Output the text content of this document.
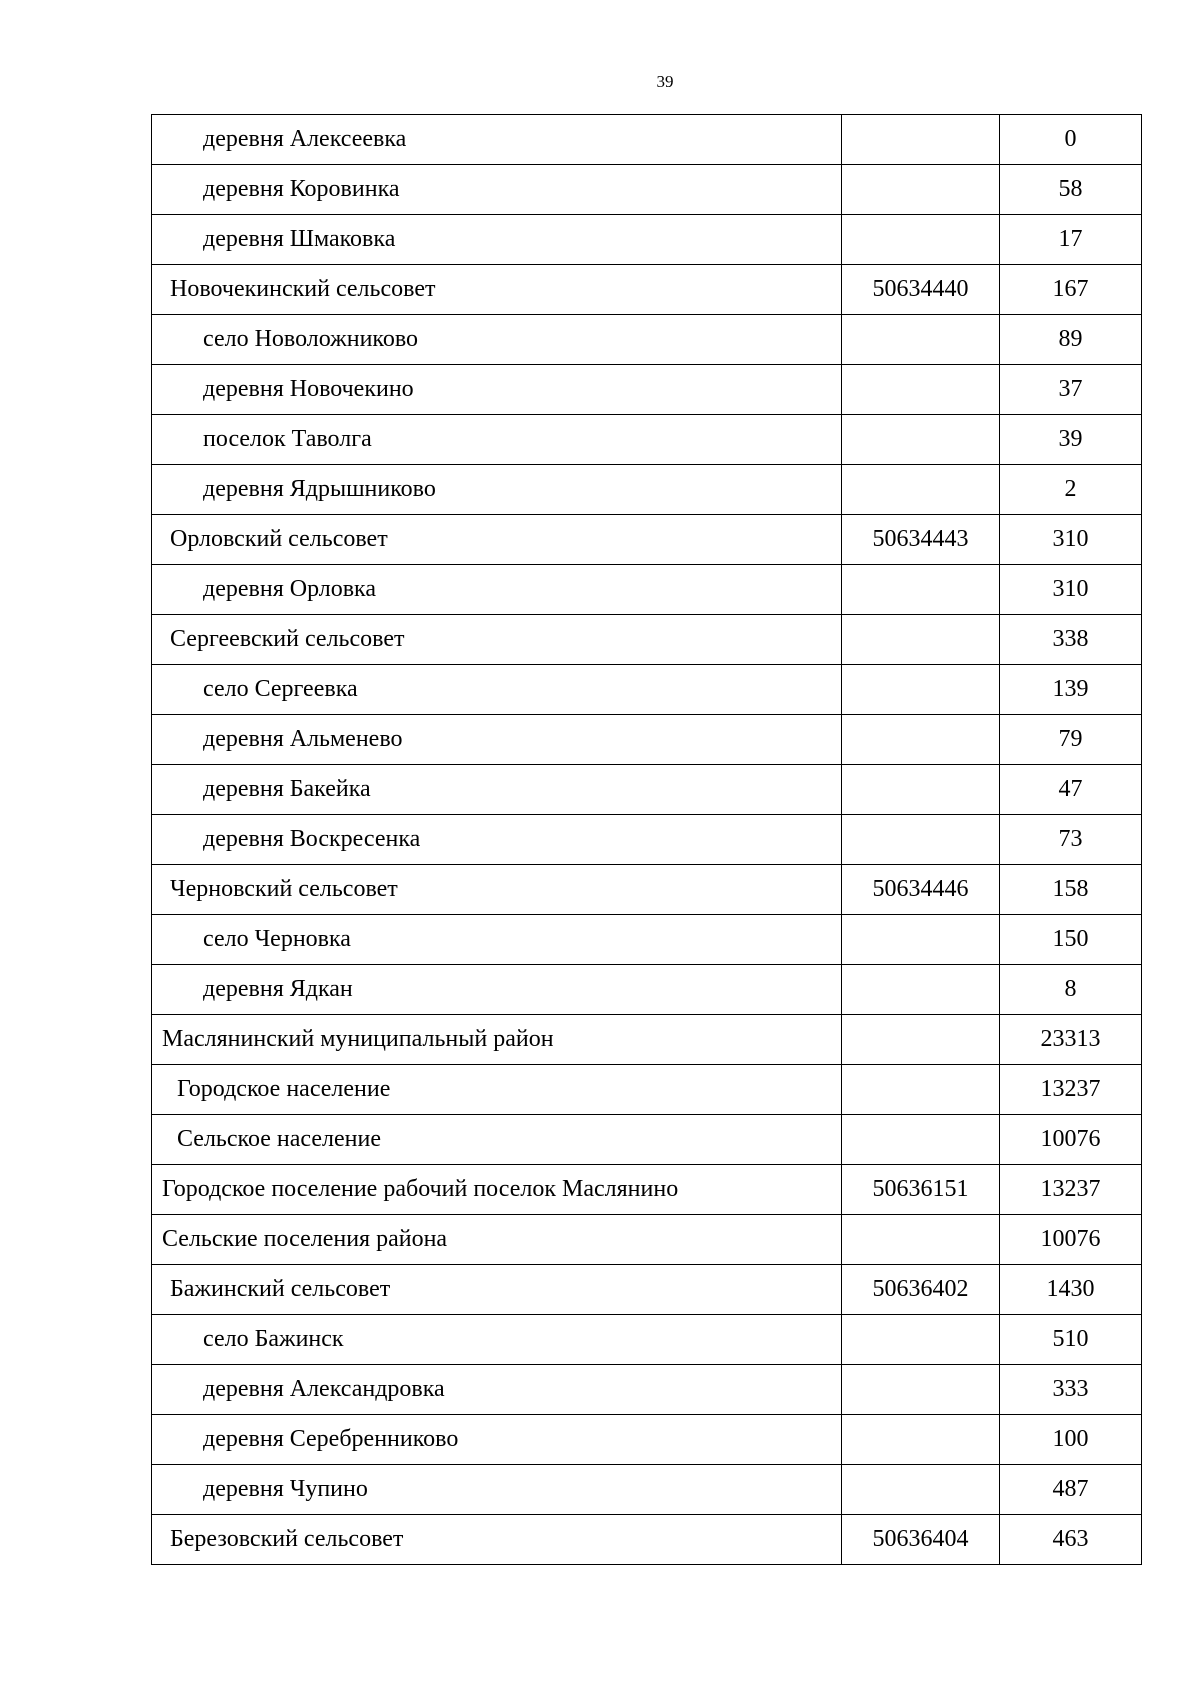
39
деревня Алексеевка		0
деревня Коровинка		58
деревня Шмаковка		17
Новочекинский сельсовет	50634440	167
село Новоложниково		89
деревня Новочекино		37
поселок Таволга		39
деревня Ядрышниково		2
Орловский сельсовет	50634443	310
деревня Орловка		310
Сергеевский сельсовет		338
село Сергеевка		139
деревня Альменево		79
деревня Бакейка		47
деревня Воскресенка		73
Черновский сельсовет	50634446	158
село Черновка		150
деревня Ядкан		8
Маслянинский муниципальный район		23313
Городское население		13237
Сельское население		10076
Городское поселение рабочий поселок Маслянино	50636151	13237
Сельские поселения района		10076
Бажинский сельсовет	50636402	1430
село Бажинск		510
деревня Александровка		333
деревня Серебренниково		100
деревня Чупино		487
Березовский сельсовет	50636404	463
